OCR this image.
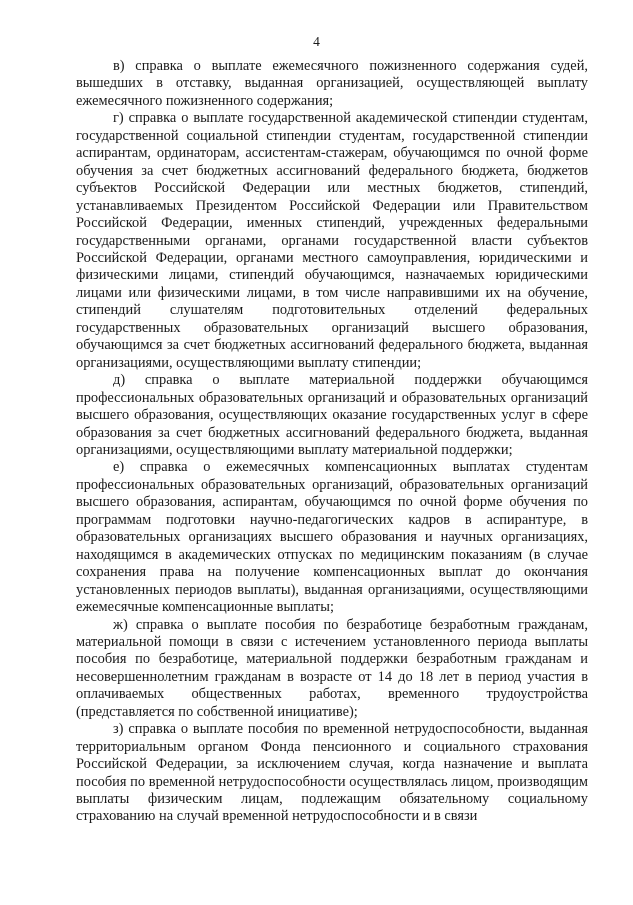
4

в) справка о выплате ежемесячного пожизненного содержания судей, вышедших в отставку, выданная организацией, осуществляющей выплату ежемесячного пожизненного содержания;

г) справка о выплате государственной академической стипендии студентам, государственной социальной стипендии студентам, государственной стипендии аспирантам, ординаторам, ассистентам-стажерам, обучающимся по очной форме обучения за счет бюджетных ассигнований федерального бюджета, бюджетов субъектов Российской Федерации или местных бюджетов, стипендий, устанавливаемых Президентом Российской Федерации или Правительством Российской Федерации, именных стипендий, учрежденных федеральными государственными органами, органами государственной власти субъектов Российской Федерации, органами местного самоуправления, юридическими и физическими лицами, стипендий обучающимся, назначаемых юридическими лицами или физическими лицами, в том числе направившими их на обучение, стипендий слушателям подготовительных отделений федеральных государственных образовательных организаций высшего образования, обучающимся за счет бюджетных ассигнований федерального бюджета, выданная организациями, осуществляющими выплату стипендии;

д) справка о выплате материальной поддержки обучающимся профессиональных образовательных организаций и образовательных организаций высшего образования, осуществляющих оказание государственных услуг в сфере образования за счет бюджетных ассигнований федерального бюджета, выданная организациями, осуществляющими выплату материальной поддержки;

е) справка о ежемесячных компенсационных выплатах студентам профессиональных образовательных организаций, образовательных организаций высшего образования, аспирантам, обучающимся по очной форме обучения по программам подготовки научно-педагогических кадров в аспирантуре, в образовательных организациях высшего образования и научных организациях, находящимся в академических отпусках по медицинским показаниям (в случае сохранения права на получение компенсационных выплат до окончания установленных периодов выплаты), выданная организациями, осуществляющими ежемесячные компенсационные выплаты;

ж) справка о выплате пособия по безработице безработным гражданам, материальной помощи в связи с истечением установленного периода выплаты пособия по безработице, материальной поддержки безработным гражданам и несовершеннолетним гражданам в возрасте от 14 до 18 лет в период участия в оплачиваемых общественных работах, временного трудоустройства (представляется по собственной инициативе);

з) справка о выплате пособия по временной нетрудоспособности, выданная территориальным органом Фонда пенсионного и социального страхования Российской Федерации, за исключением случая, когда назначение и выплата пособия по временной нетрудоспособности осуществлялась лицом, производящим выплаты физическим лицам, подлежащим обязательному социальному страхованию на случай временной нетрудоспособности и в связи
